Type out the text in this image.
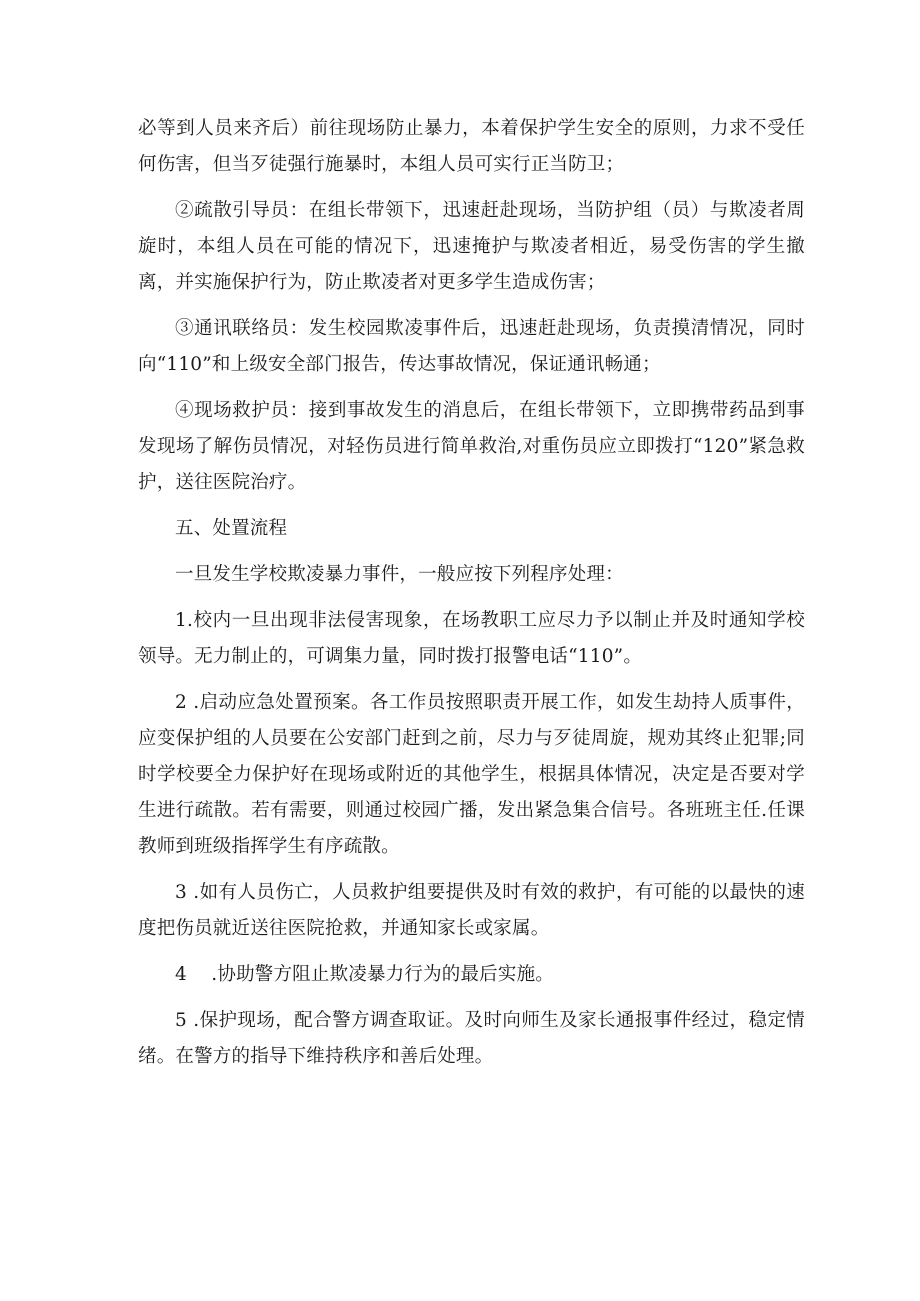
必等到人员来齐后）前往现场防止暴力，本着保护学生安全的原则，力求不受任何伤害，但当歹徒强行施暴时，本组人员可实行正当防卫；

②疏散引导员：在组长带领下，迅速赶赴现场，当防护组（员）与欺凌者周旋时，本组人员在可能的情况下，迅速掩护与欺凌者相近，易受伤害的学生撤离，并实施保护行为，防止欺凌者对更多学生造成伤害；

③通讯联络员：发生校园欺凌事件后，迅速赶赴现场，负责摸清情况，同时向“110”和上级安全部门报告，传达事故情况，保证通讯畅通；

④现场救护员：接到事故发生的消息后，在组长带领下，立即携带药品到事发现场了解伤员情况，对轻伤员进行简单救治,对重伤员应立即拨打“120”紧急救护，送往医院治疗。

五、处置流程

一旦发生学校欺凌暴力事件，一般应按下列程序处理：

1.校内一旦出现非法侵害现象，在场教职工应尽力予以制止并及时通知学校领导。无力制止的，可调集力量，同时拨打报警电话“110”。

2 .启动应急处置预案。各工作员按照职责开展工作，如发生劫持人质事件，应变保护组的人员要在公安部门赶到之前，尽力与歹徒周旋，规劝其终止犯罪;同时学校要全力保护好在现场或附近的其他学生，根据具体情况，决定是否要对学生进行疏散。若有需要，则通过校园广播，发出紧急集合信号。各班班主任.任课教师到班级指挥学生有序疏散。

3 .如有人员伤亡，人员救护组要提供及时有效的救护，有可能的以最快的速度把伤员就近送往医院抢救，并通知家长或家属。

4    .协助警方阻止欺凌暴力行为的最后实施。

5 .保护现场，配合警方调查取证。及时向师生及家长通报事件经过，稳定情绪。在警方的指导下维持秩序和善后处理。
